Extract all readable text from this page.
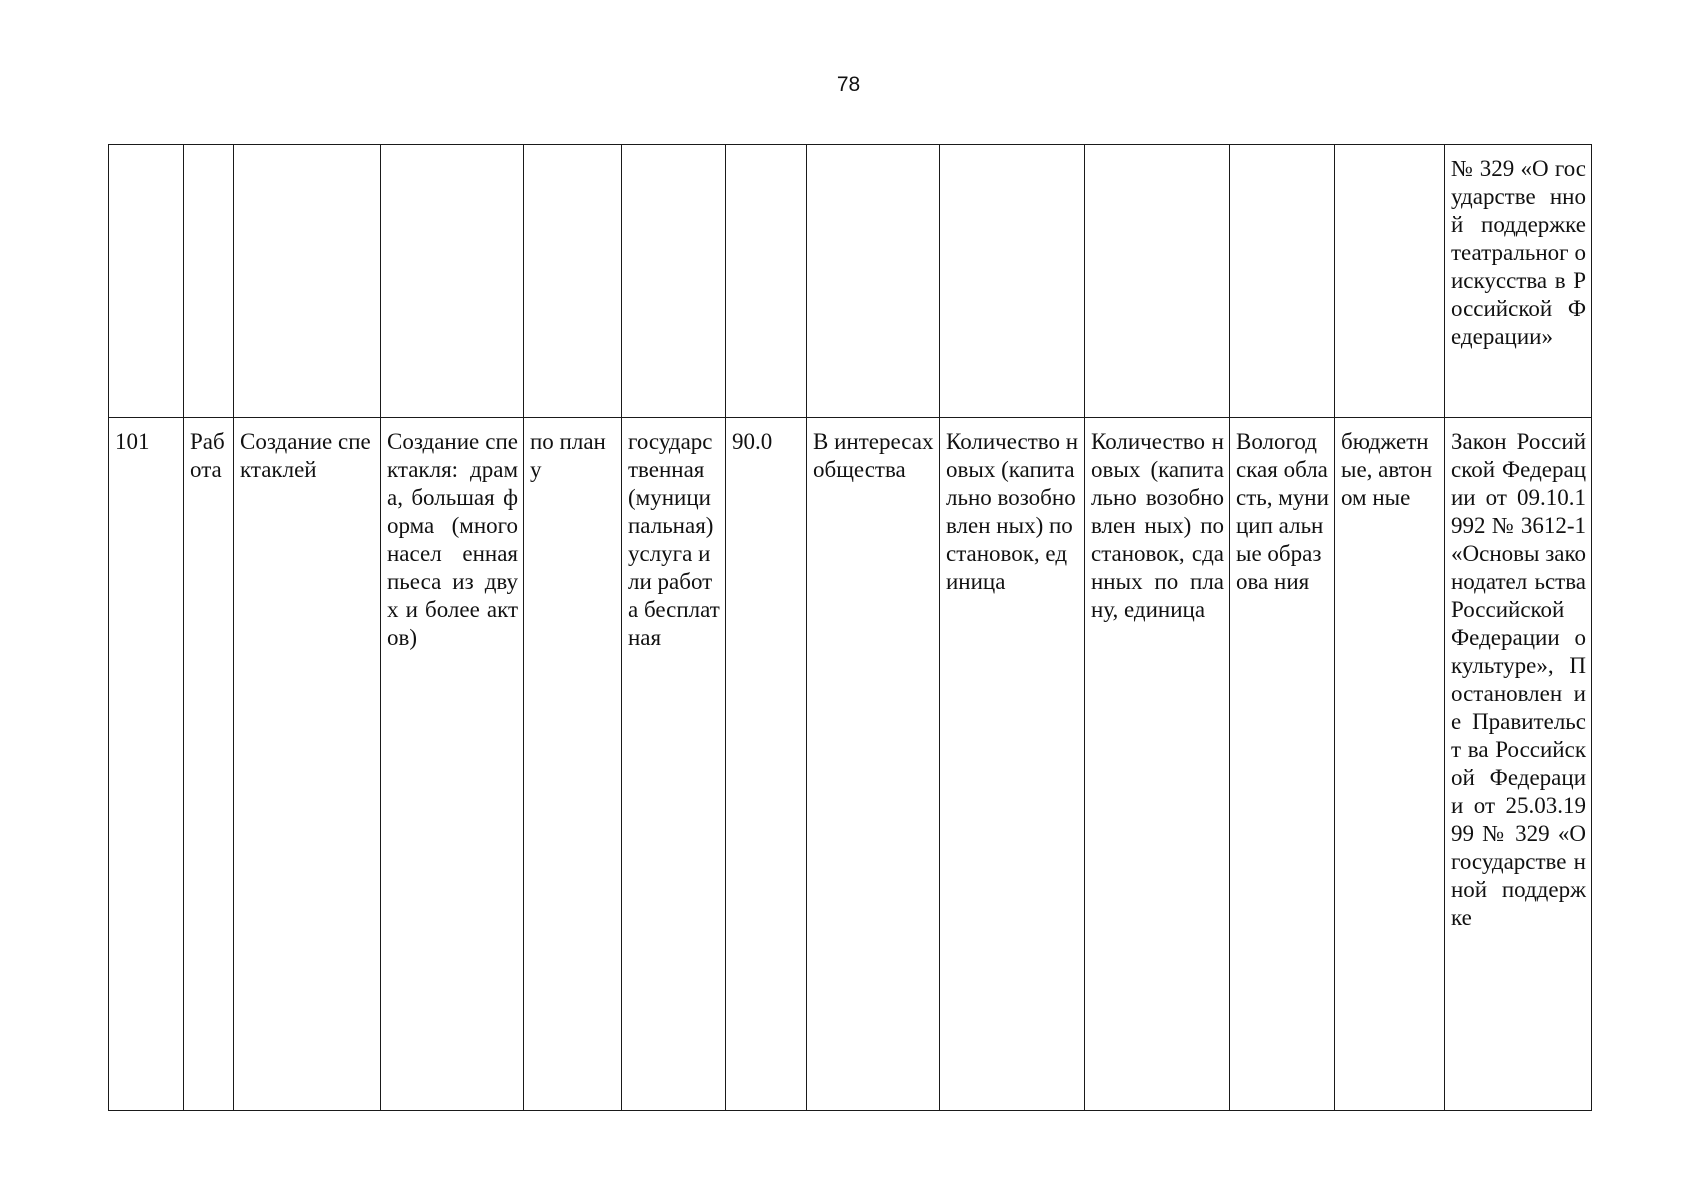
78
												№ 329 «О государстве нной поддержке театральног о искусства в Российской Федерации»
101	Раб ота	Создание спектаклей	Создание спектакля: драма, большая форма (многонасел енная пьеса из двух и более актов)	по плану	государс твенная (муници пальная) услуга или работа бесплат ная	90.0	В интересах общества	Количество новых (капитально возобновлен ных) постановок, единица	Количество новых (капитально возобновлен ных) постановок, сданных по плану, единица	Вологод ская область, муницип альные образова ния	бюджетн ые, автоном ные	Закон Российской Федерации от 09.10.1992 № 3612-1 «Основы законодател ьства Российской Федерации о культуре», Постановлен ие Правительст ва Российской Федерации от 25.03.1999 № 329 «О государстве нной поддержке
